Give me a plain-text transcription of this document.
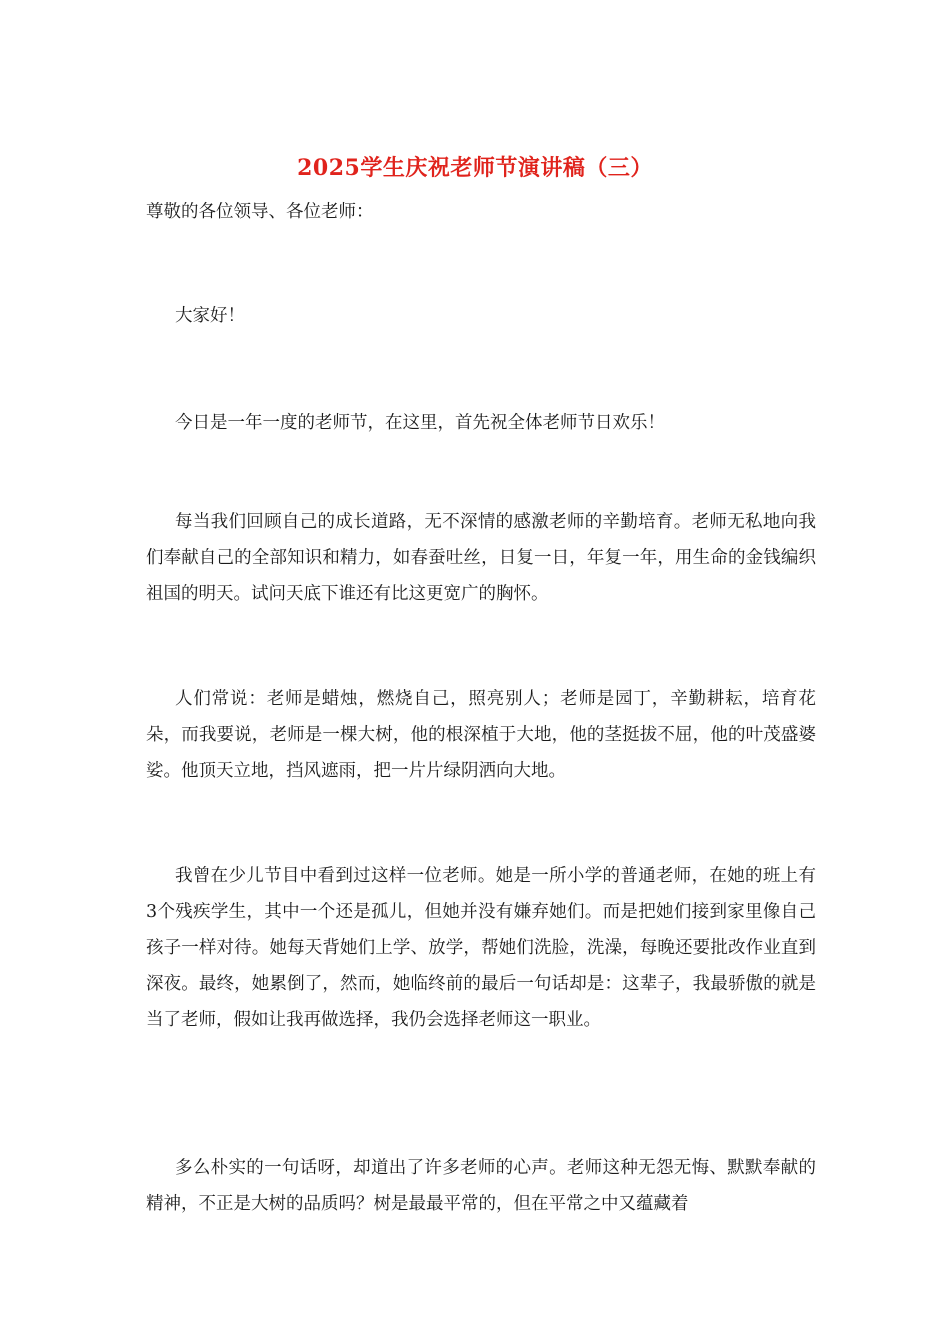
2025学生庆祝老师节演讲稿（三）
尊敬的各位领导、各位老师：

大家好！

今日是一年一度的老师节，在这里，首先祝全体老师节日欢乐！

每当我们回顾自己的成长道路，无不深情的感激老师的辛勤培育。老师无私地向我们奉献自己的全部知识和精力，如春蚕吐丝，日复一日，年复一年，用生命的金钱编织祖国的明天。试问天底下谁还有比这更宽广的胸怀。

人们常说：老师是蜡烛，燃烧自己，照亮别人；老师是园丁，辛勤耕耘，培育花朵，而我要说，老师是一棵大树，他的根深植于大地，他的茎挺拔不屈，他的叶茂盛婆娑。他顶天立地，挡风遮雨，把一片片绿阴洒向大地。

我曾在少儿节目中看到过这样一位老师。她是一所小学的普通老师，在她的班上有3个残疾学生，其中一个还是孤儿，但她并没有嫌弃她们。而是把她们接到家里像自己孩子一样对待。她每天背她们上学、放学，帮她们洗脸，洗澡，每晚还要批改作业直到深夜。最终，她累倒了，然而，她临终前的最后一句话却是：这辈子，我最骄傲的就是当了老师，假如让我再做选择，我仍会选择老师这一职业。

多么朴实的一句话呀，却道出了许多老师的心声。老师这种无怨无悔、默默奉献的精神，不正是大树的品质吗？树是最最平常的，但在平常之中又蕴藏着
